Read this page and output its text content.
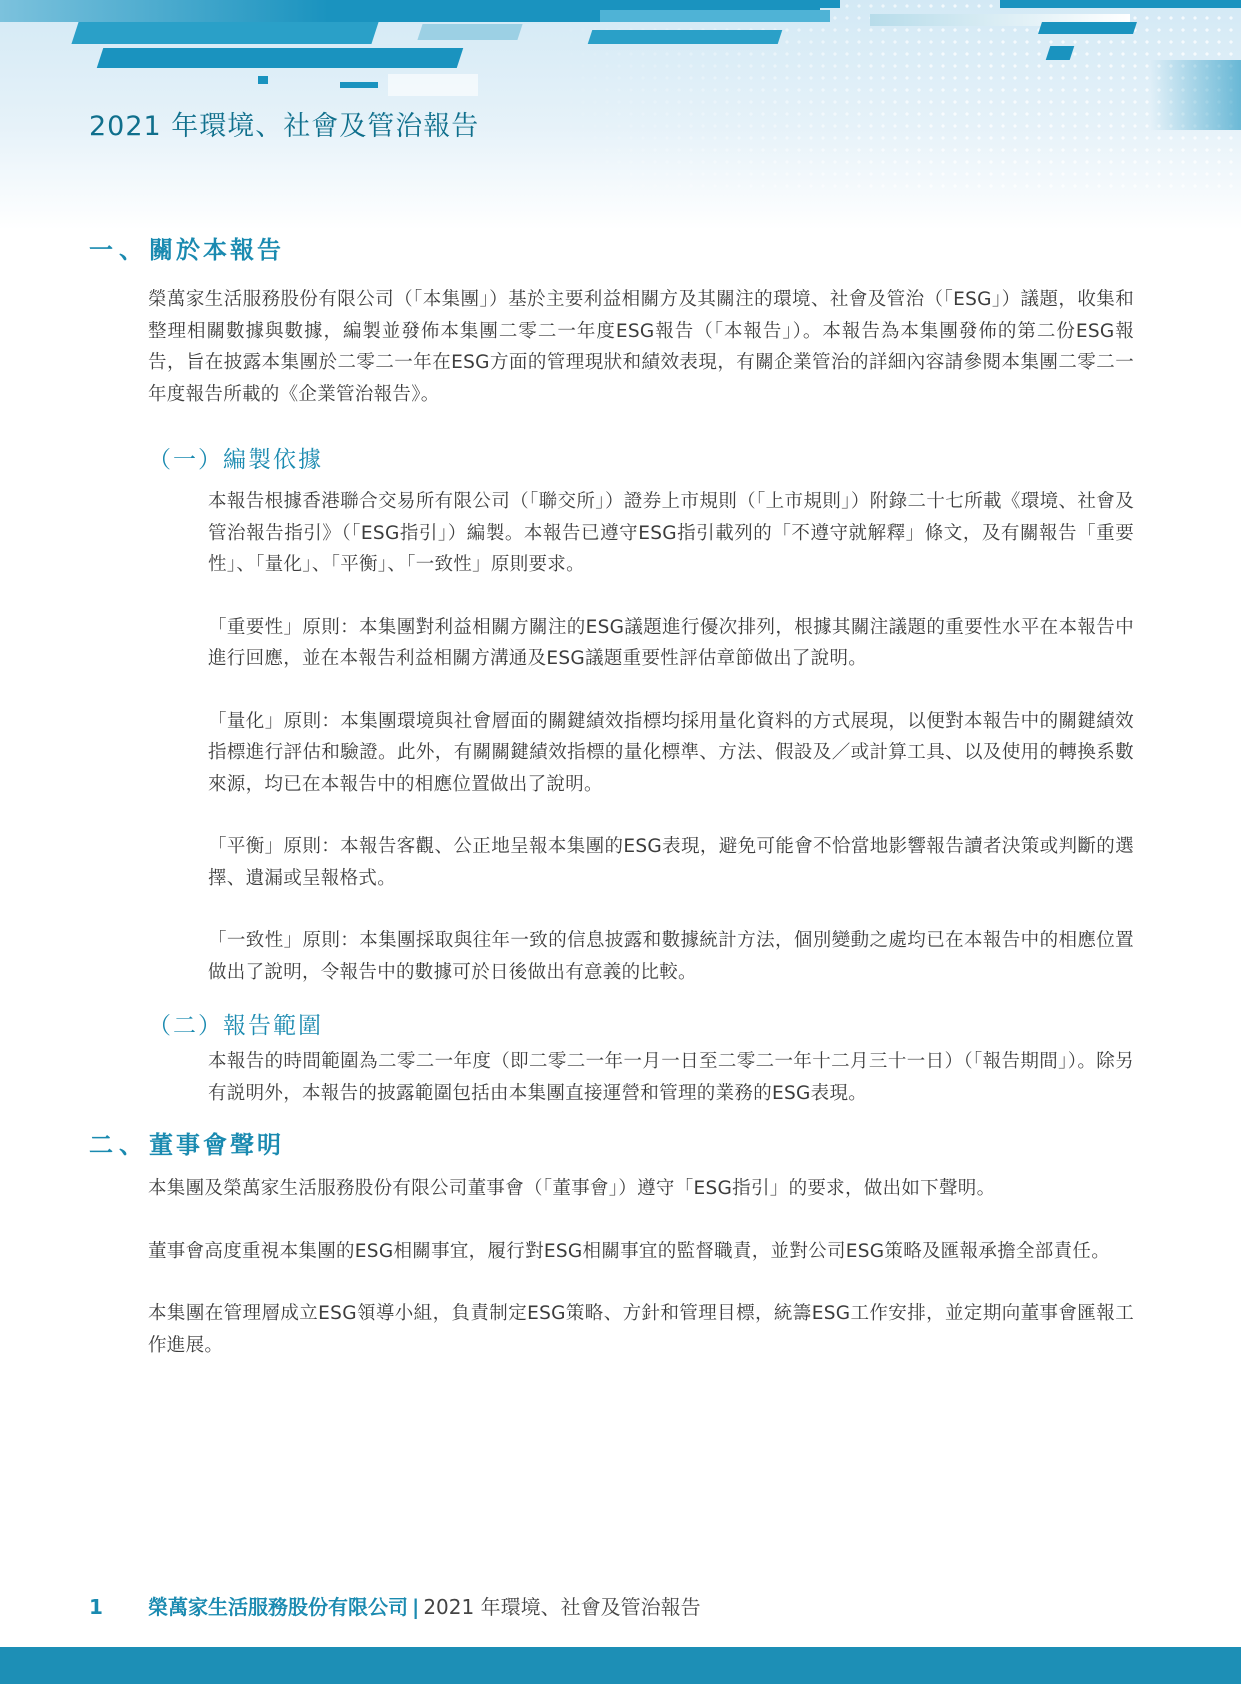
2021 年環境、社會及管治報告
一、關於本報告

榮萬家生活服務股份有限公司（「本集團」）基於主要利益相關方及其關注的環境、社會及管治（「ESG」）議題，收集和整理相關數據與數據，編製並發佈本集團二零二一年度ESG報告（「本報告」）。本報告為本集團發佈的第二份ESG報告，旨在披露本集團於二零二一年在ESG方面的管理現狀和績效表現，有關企業管治的詳細內容請參閱本集團二零二一年度報告所載的《企業管治報告》。

（一）編製依據

本報告根據香港聯合交易所有限公司（「聯交所」）證券上市規則（「上市規則」）附錄二十七所載《環境、社會及管治報告指引》（「ESG指引」）編製。本報告已遵守ESG指引載列的「不遵守就解釋」條文，及有關報告「重要性」、「量化」、「平衡」、「一致性」原則要求。

「重要性」原則：本集團對利益相關方關注的ESG議題進行優次排列，根據其關注議題的重要性水平在本報告中進行回應，並在本報告利益相關方溝通及ESG議題重要性評估章節做出了說明。

「量化」原則：本集團環境與社會層面的關鍵績效指標均採用量化資料的方式展現，以便對本報告中的關鍵績效指標進行評估和驗證。此外，有關關鍵績效指標的量化標準、方法、假設及／或計算工具、以及使用的轉換系數來源，均已在本報告中的相應位置做出了說明。

「平衡」原則：本報告客觀、公正地呈報本集團的ESG表現，避免可能會不恰當地影響報告讀者決策或判斷的選擇、遺漏或呈報格式。

「一致性」原則：本集團採取與往年一致的信息披露和數據統計方法，個別變動之處均已在本報告中的相應位置做出了說明，令報告中的數據可於日後做出有意義的比較。

（二）報告範圍

本報告的時間範圍為二零二一年度（即二零二一年一月一日至二零二一年十二月三十一日）（「報告期間」）。除另有説明外，本報告的披露範圍包括由本集團直接運營和管理的業務的ESG表現。

二、董事會聲明

本集團及榮萬家生活服務股份有限公司董事會（「董事會」）遵守「ESG指引」的要求，做出如下聲明。

董事會高度重視本集團的ESG相關事宜，履行對ESG相關事宜的監督職責，並對公司ESG策略及匯報承擔全部責任。

本集團在管理層成立ESG領導小組，負責制定ESG策略、方針和管理目標，統籌ESG工作安排，並定期向董事會匯報工作進展。

1 榮萬家生活服務股份有限公司 | 2021 年環境、社會及管治報告
